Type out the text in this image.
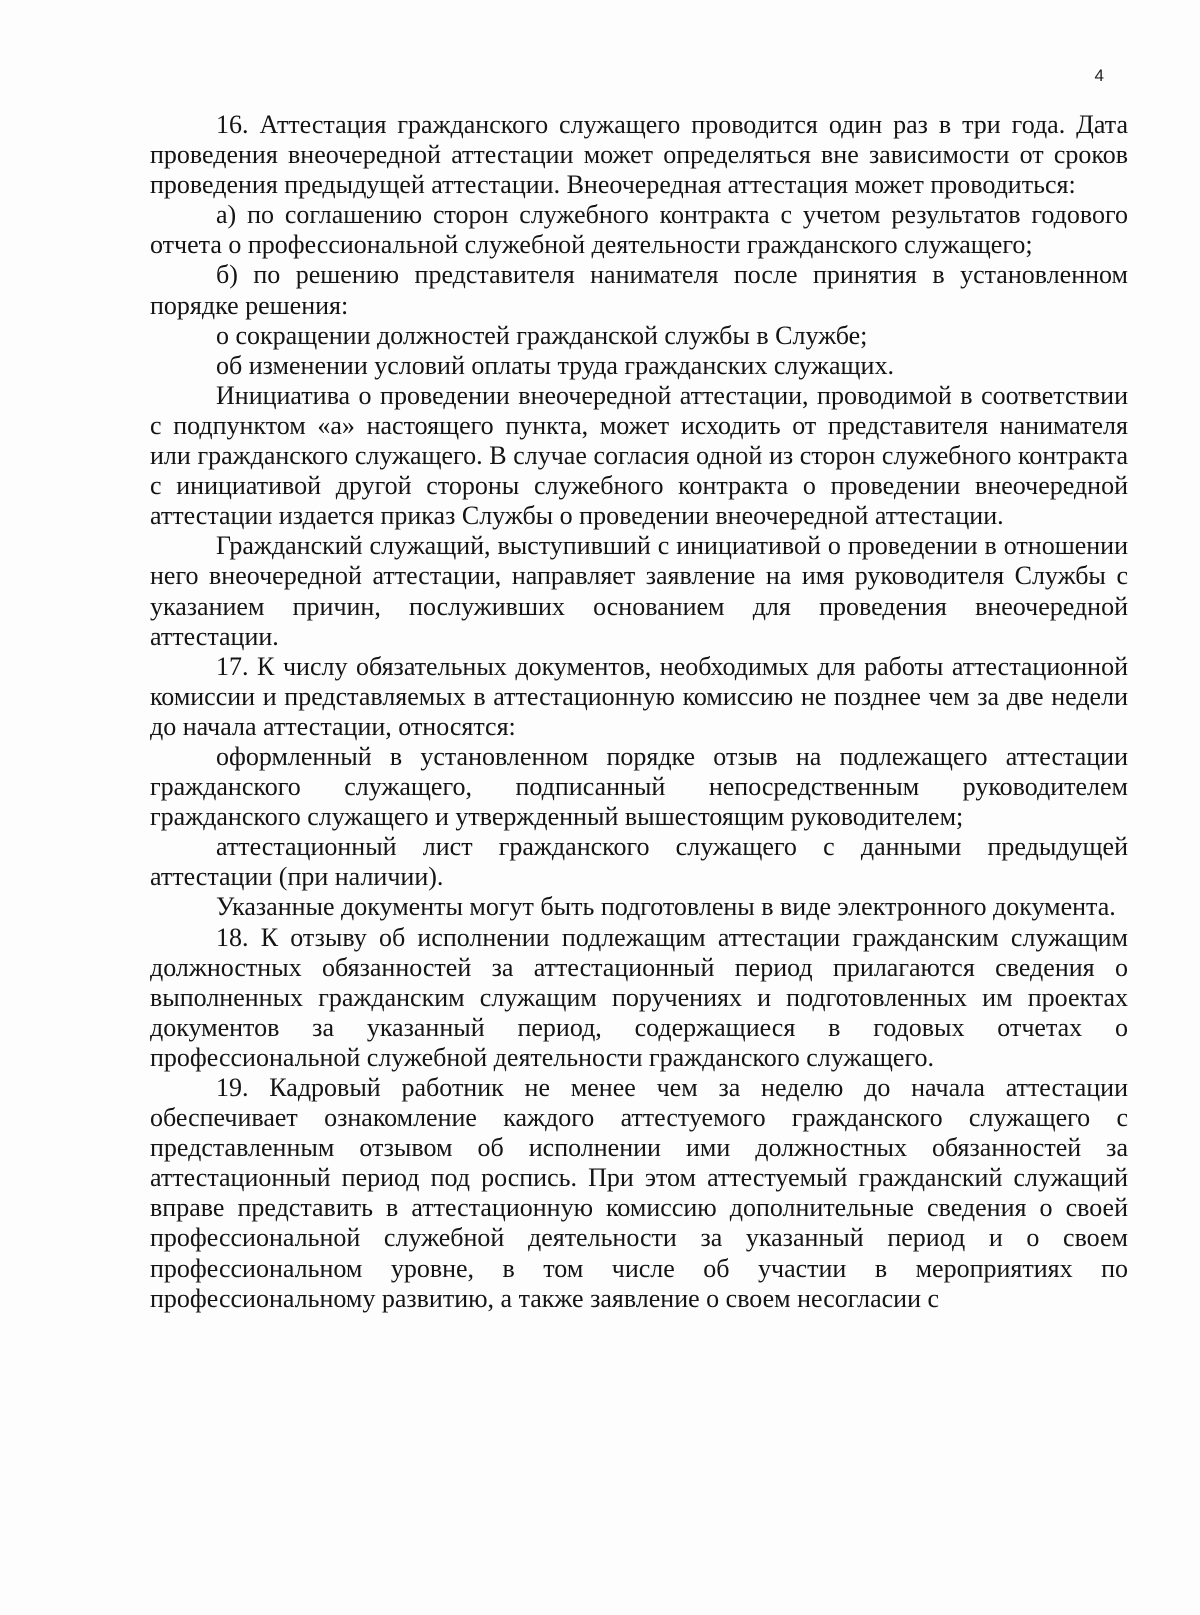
4

16. Аттестация гражданского служащего проводится один раз в три года. Дата проведения внеочередной аттестации может определяться вне зависимости от сроков проведения предыдущей аттестации. Внеочередная аттестация может проводиться:

а) по соглашению сторон служебного контракта с учетом результатов годового отчета о профессиональной служебной деятельности гражданского служащего;

б) по решению представителя нанимателя после принятия в установленном порядке решения:

о сокращении должностей гражданской службы в Службе;

об изменении условий оплаты труда гражданских служащих.

Инициатива о проведении внеочередной аттестации, проводимой в соответствии с подпунктом «а» настоящего пункта, может исходить от представителя нанимателя или гражданского служащего. В случае согласия одной из сторон служебного контракта с инициативой другой стороны служебного контракта о проведении внеочередной аттестации издается приказ Службы о проведении внеочередной аттестации.

Гражданский служащий, выступивший с инициативой о проведении в отношении него внеочередной аттестации, направляет заявление на имя руководителя Службы с указанием причин, послуживших основанием для проведения внеочередной аттестации.

17. К числу обязательных документов, необходимых для работы аттестационной комиссии и представляемых в аттестационную комиссию не позднее чем за две недели до начала аттестации, относятся:

оформленный в установленном порядке отзыв на подлежащего аттестации гражданского служащего, подписанный непосредственным руководителем гражданского служащего и утвержденный вышестоящим руководителем;

аттестационный лист гражданского служащего с данными предыдущей аттестации (при наличии).

Указанные документы могут быть подготовлены в виде электронного документа.

18. К отзыву об исполнении подлежащим аттестации гражданским служащим должностных обязанностей за аттестационный период прилагаются сведения о выполненных гражданским служащим поручениях и подготовленных им проектах документов за указанный период, содержащиеся в годовых отчетах о профессиональной служебной деятельности гражданского служащего.

19. Кадровый работник не менее чем за неделю до начала аттестации обеспечивает ознакомление каждого аттестуемого гражданского служащего с представленным отзывом об исполнении ими должностных обязанностей за аттестационный период под роспись. При этом аттестуемый гражданский служащий вправе представить в аттестационную комиссию дополнительные сведения о своей профессиональной служебной деятельности за указанный период и о своем профессиональном уровне, в том числе об участии в мероприятиях по профессиональному развитию, а также заявление о своем несогласии с
